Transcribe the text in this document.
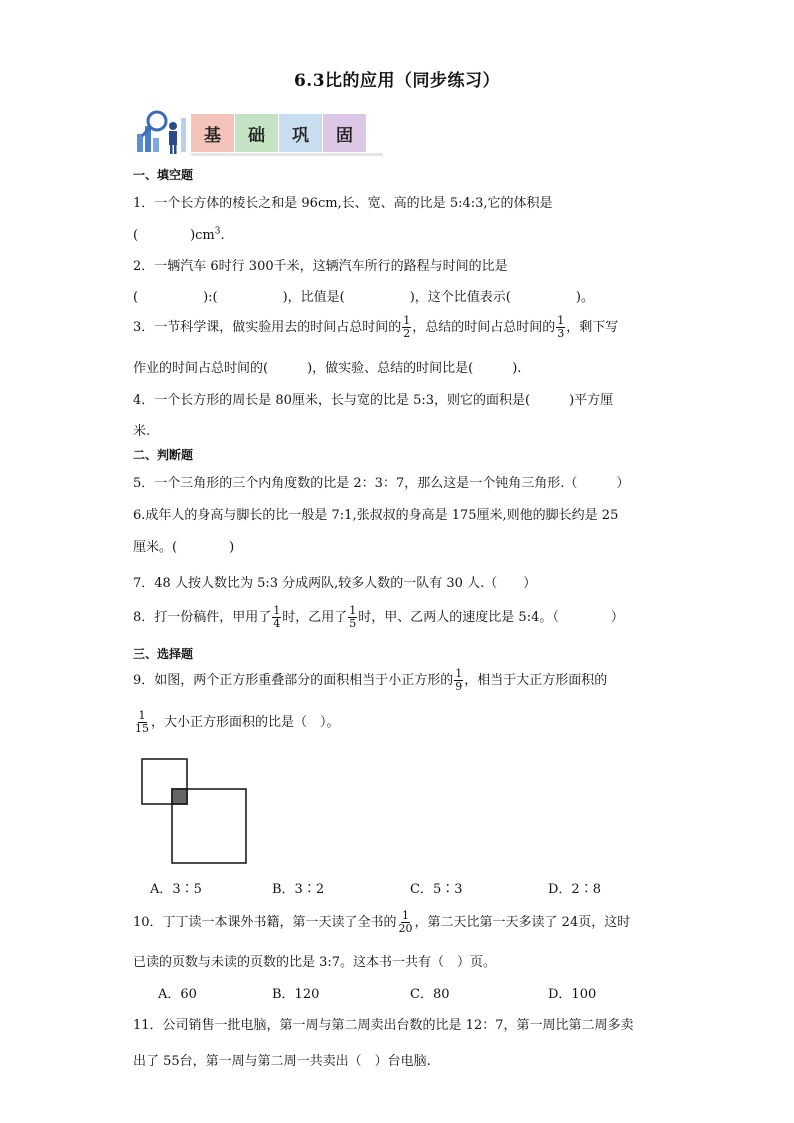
6.3比的应用（同步练习）
基	础	巩	固
一、填空题
1．一个长方体的棱长之和是 96cm,长、宽、高的比是 5:4:3,它的体积是
(　　　　)$cm^3$.
2．一辆汽车 6时行 300千米，这辆汽车所行的路程与时间的比是
(　　　　　):(　　　　　)，比值是(　　　　　)，这个比值表示(　　　　　)。
3．一节科学课，做实验用去的时间占总时间的 $\frac{1}{2}$ ，总结的时间占总时间的 $\frac{1}{3}$ ，剩下写
作业的时间占总时间的(　　　)，做实验、总结的时间比是(　　　).
4．一个长方形的周长是 80厘米，长与宽的比是 5:3，则它的面积是(　　　)平方厘
米.
二、判断题
5．一个三角形的三个内角度数的比是 2：3：7，那么这是一个钝角三角形.（　　　）
6.成年人的身高与脚长的比一般是 7:1,张叔叔的身高是 175厘米,则他的脚长约是 25
厘米。(　　　　)
7．48 人按人数比为 5:3 分成两队,较多人数的一队有 30 人.（　　）
8．打一份稿件，甲用了 $\frac{1}{4}$ 时，乙用了 $\frac{1}{5}$ 时，甲、乙两人的速度比是 5:4。（　　　　）
三、选择题
9．如图，两个正方形重叠部分的面积相当于小正方形的 $\frac{1}{9}$ ，相当于大正方形面积的
$\frac{1}{15}$ ，大小正方形面积的比是（　）。
A．3∶5	B．3∶2	C．5∶3	D．2∶8
10．丁丁读一本课外书籍，第一天读了全书的 $\frac{1}{20}$ ，第二天比第一天多读了 24页，这时
已读的页数与未读的页数的比是 3:7。这本书一共有（　）页。
A．60	B．120	C．80	D．100
11．公司销售一批电脑，第一周与第二周卖出台数的比是 12：7，第一周比第二周多卖
出了 55台，第一周与第二周一共卖出（　）台电脑.
